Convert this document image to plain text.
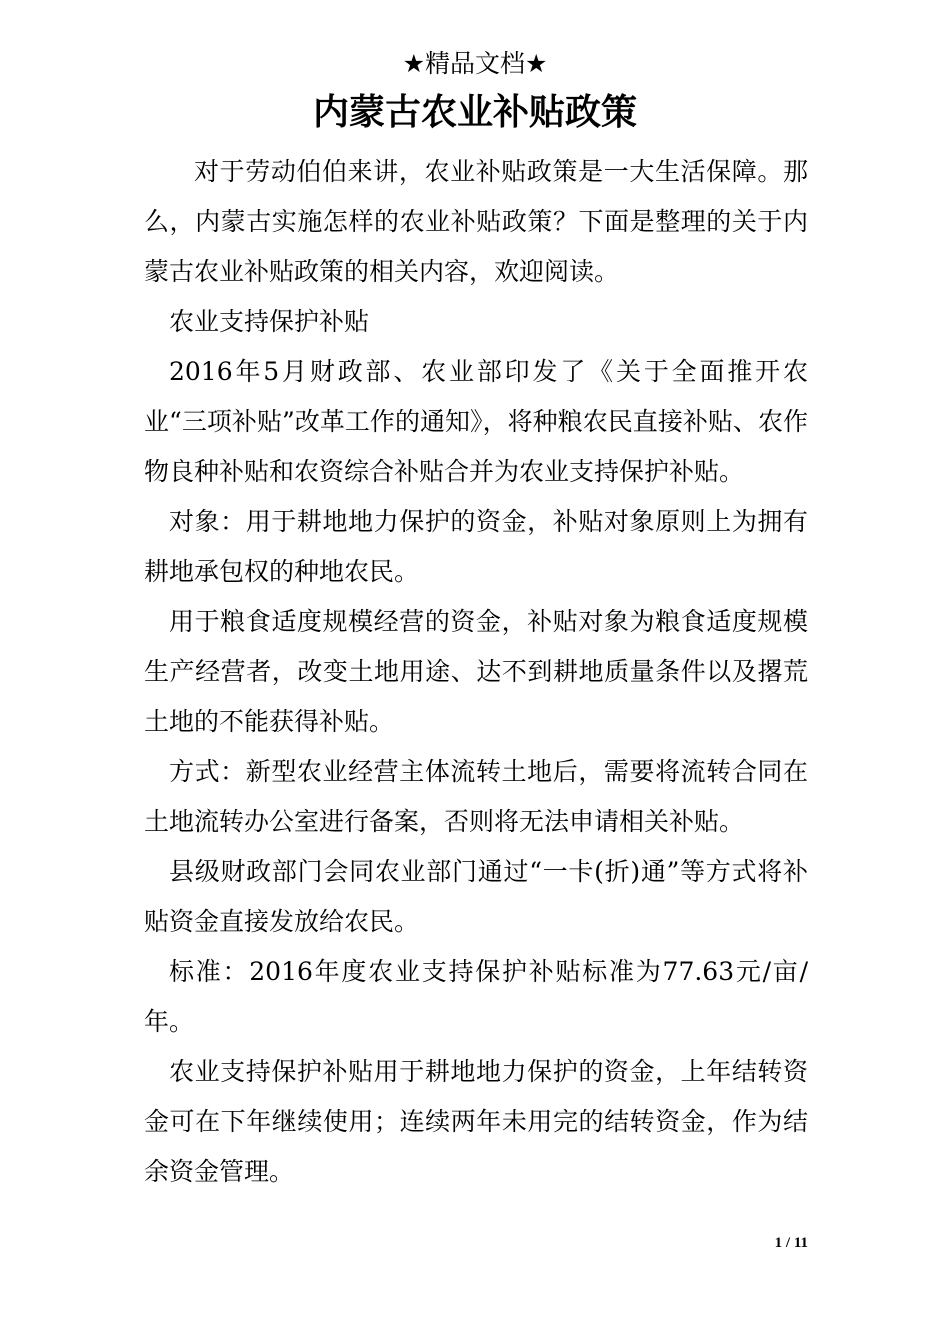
★精品文档★
内蒙古农业补贴政策

对于劳动伯伯来讲，农业补贴政策是一大生活保障。那么，内蒙古实施怎样的农业补贴政策？下面是整理的关于内蒙古农业补贴政策的相关内容，欢迎阅读。

农业支持保护补贴

2016年5月财政部、农业部印发了《关于全面推开农业“三项补贴”改革工作的通知》，将种粮农民直接补贴、农作物良种补贴和农资综合补贴合并为农业支持保护补贴。

对象：用于耕地地力保护的资金，补贴对象原则上为拥有耕地承包权的种地农民。

用于粮食适度规模经营的资金，补贴对象为粮食适度规模生产经营者，改变土地用途、达不到耕地质量条件以及撂荒土地的不能获得补贴。

方式：新型农业经营主体流转土地后，需要将流转合同在土地流转办公室进行备案，否则将无法申请相关补贴。

县级财政部门会同农业部门通过“一卡(折)通”等方式将补贴资金直接发放给农民。

标准：2016年度农业支持保护补贴标准为77.63元/亩/年。

农业支持保护补贴用于耕地地力保护的资金，上年结转资金可在下年继续使用；连续两年未用完的结转资金，作为结余资金管理。

1 / 11
